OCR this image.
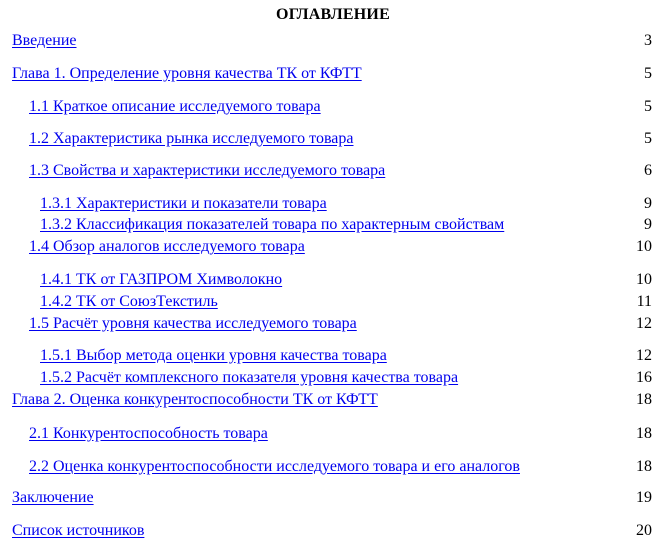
ОГЛАВЛЕНИЕ
Введение	3
Глава 1. Определение уровня качества ТК от КФТТ	5
1.1 Краткое описание исследуемого товара	5
1.2 Характеристика рынка исследуемого товара	5
1.3 Свойства и характеристики исследуемого товара	6
1.3.1 Характеристики и показатели товара	9
1.3.2 Классификация показателей товара по характерным свойствам	9
1.4 Обзор аналогов исследуемого товара	10
1.4.1 ТК от ГАЗПРОМ Химволокно	10
1.4.2 ТК от СоюзТекстиль	11
1.5 Расчёт уровня качества исследуемого товара	12
1.5.1 Выбор метода оценки уровня качества товара	12
1.5.2 Расчёт комплексного показателя уровня качества товара	16
Глава 2. Оценка конкурентоспособности ТК от КФТТ	18
2.1 Конкурентоспособность товара	18
2.2 Оценка конкурентоспособности исследуемого товара и его аналогов	18
Заключение	19
Список источников	20
